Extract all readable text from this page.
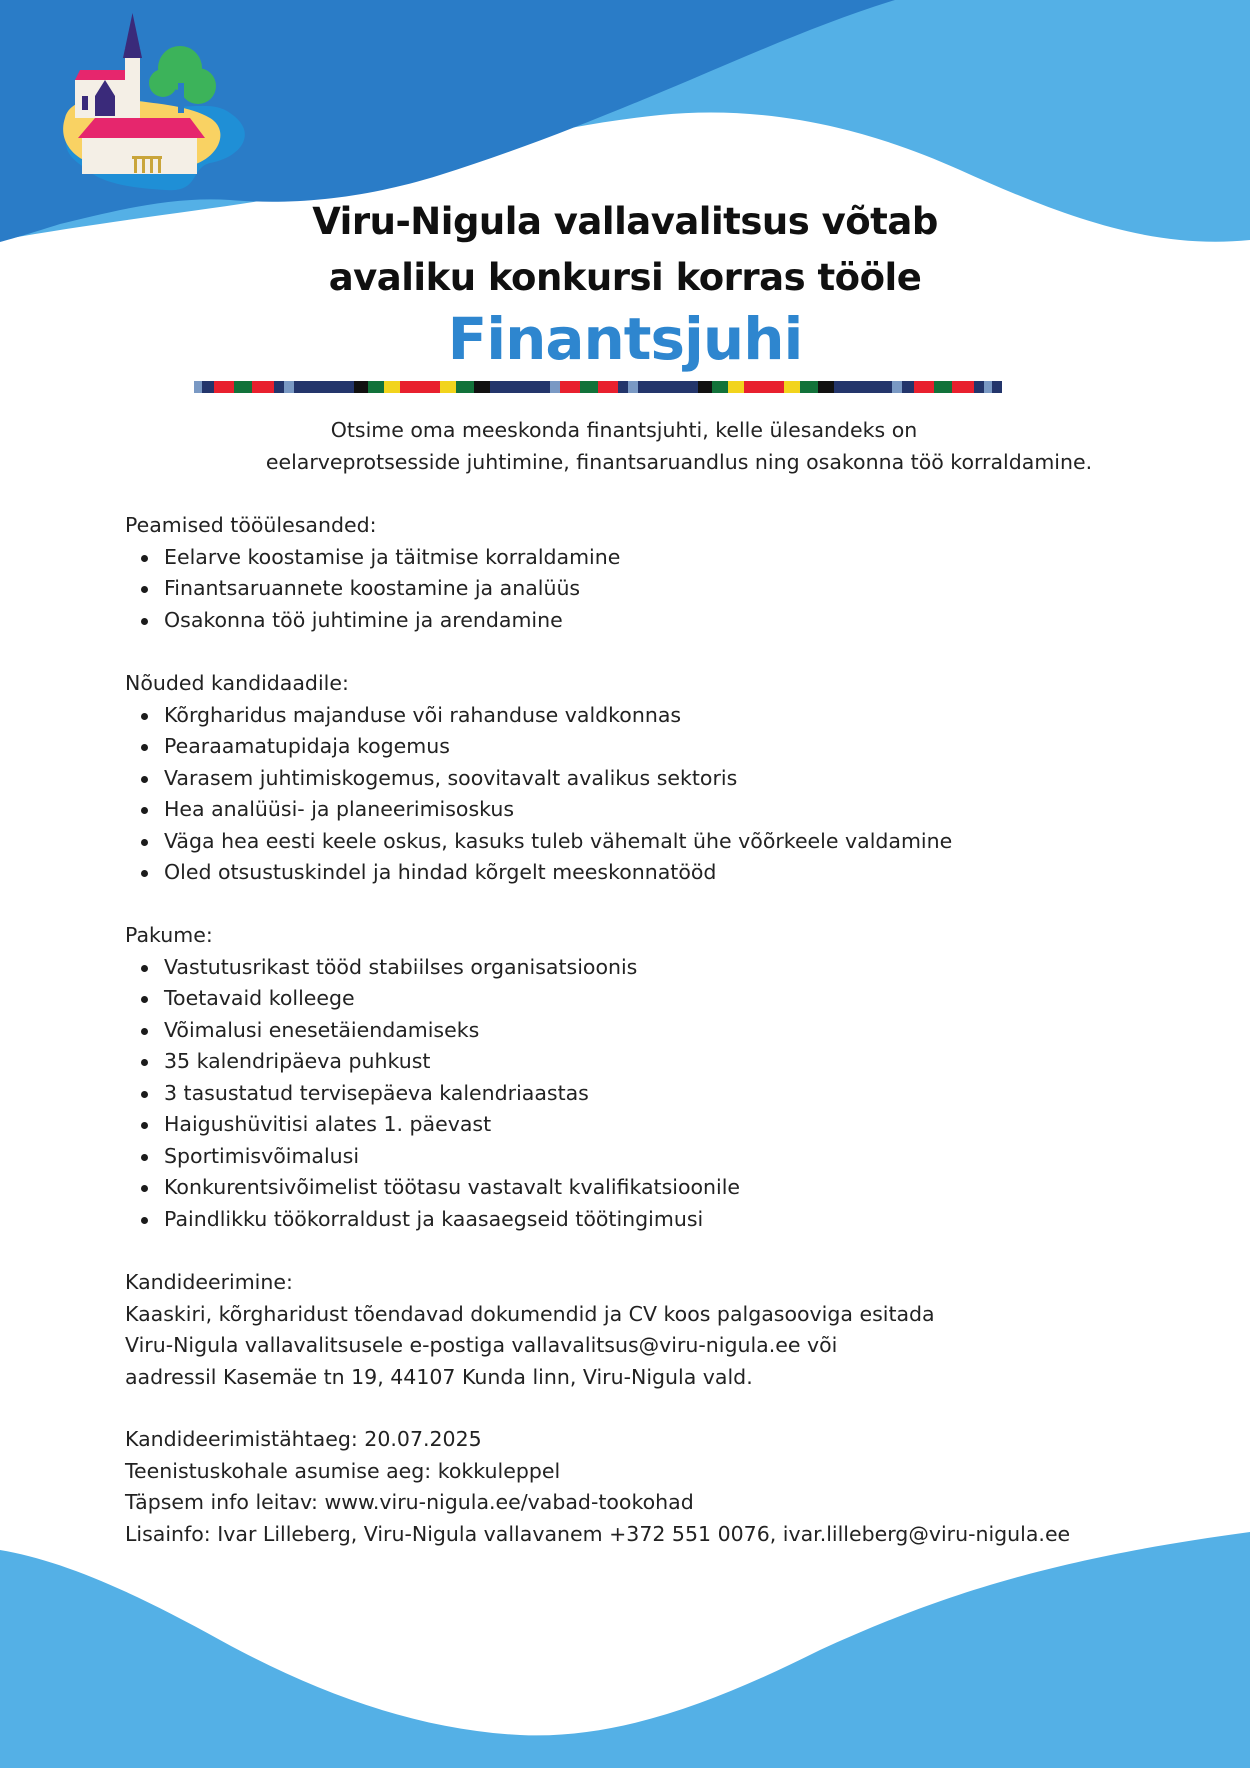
Viru-Nigula vallavalitsus võtab
avaliku konkursi korras tööle
Finantsjuhi
Otsime oma meeskonda finantsjuhti, kelle ülesandeks on
eelarveprotsesside juhtimine, finantsaruandlus ning osakonna töö korraldamine.
Peamised tööülesanded:
Eelarve koostamise ja täitmise korraldamine
Finantsaruannete koostamine ja analüüs
Osakonna töö juhtimine ja arendamine
Nõuded kandidaadile:
Kõrgharidus majanduse või rahanduse valdkonnas
Pearaamatupidaja kogemus
Varasem juhtimiskogemus, soovitavalt avalikus sektoris
Hea analüüsi- ja planeerimisoskus
Väga hea eesti keele oskus, kasuks tuleb vähemalt ühe võõrkeele valdamine
Oled otsustuskindel ja hindad kõrgelt meeskonnatööd
Pakume:
Vastutusrikast tööd stabiilses organisatsioonis
Toetavaid kolleege
Võimalusi enesetäiendamiseks
35 kalendripäeva puhkust
3 tasustatud tervisepäeva kalendriaastas
Haigushüvitisi alates 1. päevast
Sportimisvõimalusi
Konkurentsivõimelist töötasu vastavalt kvalifikatsioonile
Paindlikku töökorraldust ja kaasaegseid töötingimusi
Kandideerimine:
Kaaskiri, kõrgharidust tõendavad dokumendid ja CV koos palgasooviga esitada
Viru-Nigula vallavalitsusele e-postiga vallavalitsus@viru-nigula.ee või
aadressil Kasemäe tn 19, 44107 Kunda linn, Viru-Nigula vald.
Kandideerimistähtaeg: 20.07.2025
Teenistuskohale asumise aeg: kokkuleppel
Täpsem info leitav: www.viru-nigula.ee/vabad-tookohad
Lisainfo: Ivar Lilleberg, Viru-Nigula vallavanem +372 551 0076, ivar.lilleberg@viru-nigula.ee
